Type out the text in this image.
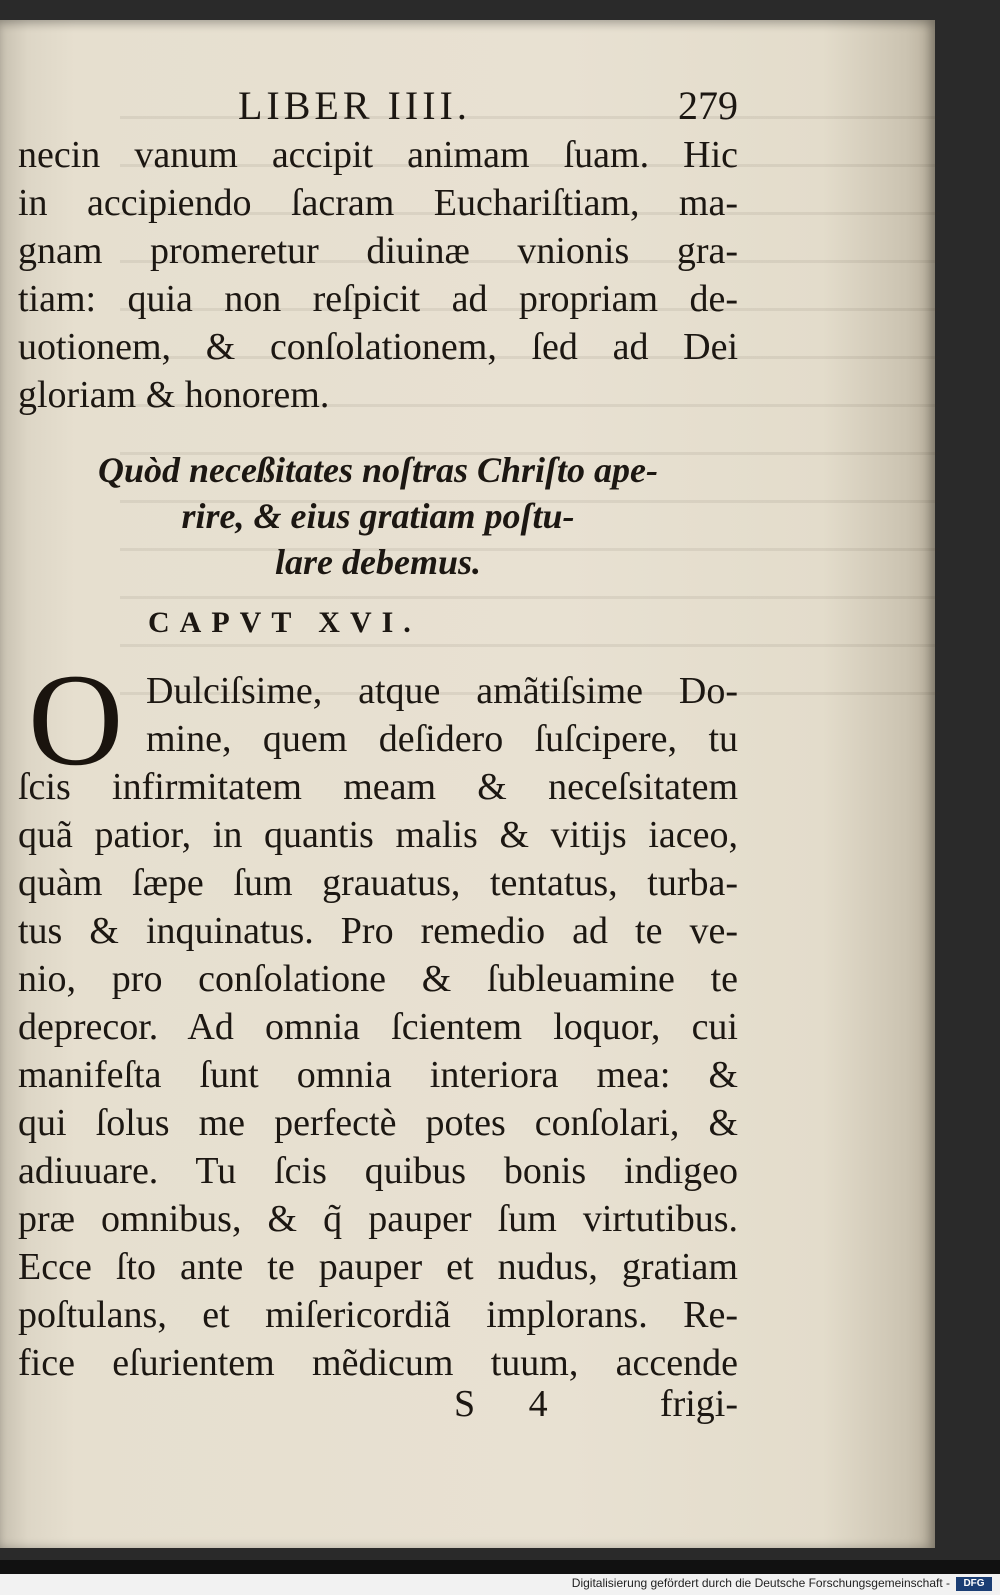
LIBER IIII.	279
necin vanum accipit animam ſuam. Hic
in accipiendo ſacram Euchariſtiam, ma-
gnam promeretur diuinæ vnionis gra-
tiam: quia non reſpicit ad propriam de-
uotionem, & conſolationem, ſed ad Dei
gloriam & honorem.
Quòd neceßitates noſtras Chriſto ape-
rire, & eius gratiam poſtu-
lare debemus.
CAPVT XVI.
O Dulciſsime, atque amãtiſsime Do-
mine, quem deſidero ſuſcipere, tu
ſcis infirmitatem meam & neceſsitatem
quã patior, in quantis malis & vitijs iaceo,
quàm ſæpe ſum grauatus, tentatus, turba-
tus & inquinatus. Pro remedio ad te ve-
nio, pro conſolatione & ſubleuamine te
deprecor. Ad omnia ſcientem loquor, cui
manifeſta ſunt omnia interiora mea: &
qui ſolus me perfectè potes conſolari, &
adiuuare. Tu ſcis quibus bonis indigeo
præ omnibus, & q̃ pauper ſum virtutibus.
Ecce ſto ante te pauper et nudus, gratiam
poſtulans, et miſericordiã implorans. Re-
fice eſurientem mẽdicum tuum, accende
S 4 frigi-
Digitalisierung gefördert durch die Deutsche Forschungsgemeinschaft -	DFG
